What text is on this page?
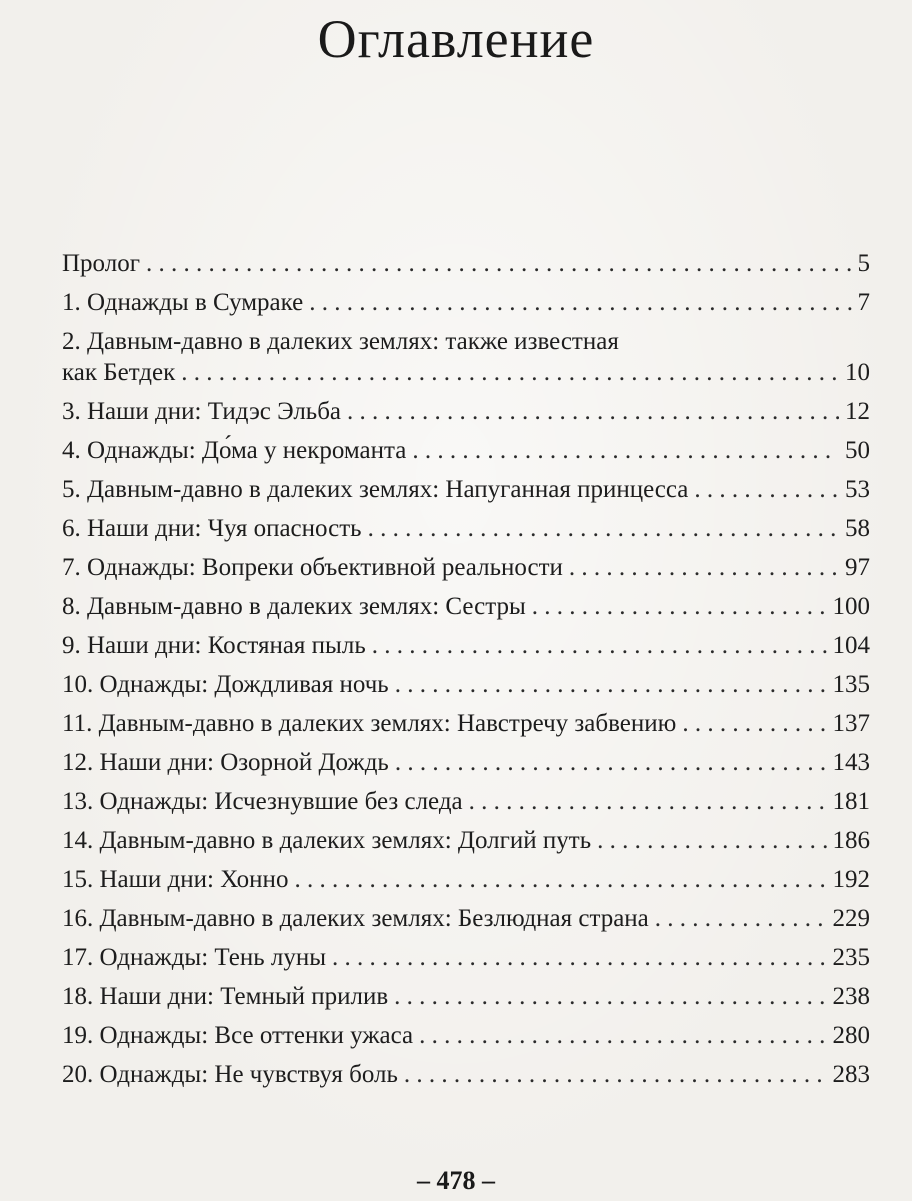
Оглавление
Пролог . . .	5
1. Однажды в Сумраке . . .	7
2. Давным-давно в далеких землях: также известная
как Бетдек . . .	10
3. Наши дни: Тидэс Эльба . . .	12
4. Однажды: До́ма у некроманта . . .	50
5. Давным-давно в далеких землях: Напуганная принцесса . . .	53
6. Наши дни: Чуя опасность . . .	58
7. Однажды: Вопреки объективной реальности . . .	97
8. Давным-давно в далеких землях: Сестры . . .	100
9. Наши дни: Костяная пыль . . .	104
10. Однажды: Дождливая ночь . . .	135
11. Давным-давно в далеких землях: Навстречу забвению . . .	137
12. Наши дни: Озорной Дождь . . .	143
13. Однажды: Исчезнувшие без следа . . .	181
14. Давным-давно в далеких землях: Долгий путь . . .	186
15. Наши дни: Хонно . . .	192
16. Давным-давно в далеких землях: Безлюдная страна . . .	229
17. Однажды: Тень луны . . .	235
18. Наши дни: Темный прилив . . .	238
19. Однажды: Все оттенки ужаса . . .	280
20. Однажды: Не чувствуя боль . . .	283
– 478 –
